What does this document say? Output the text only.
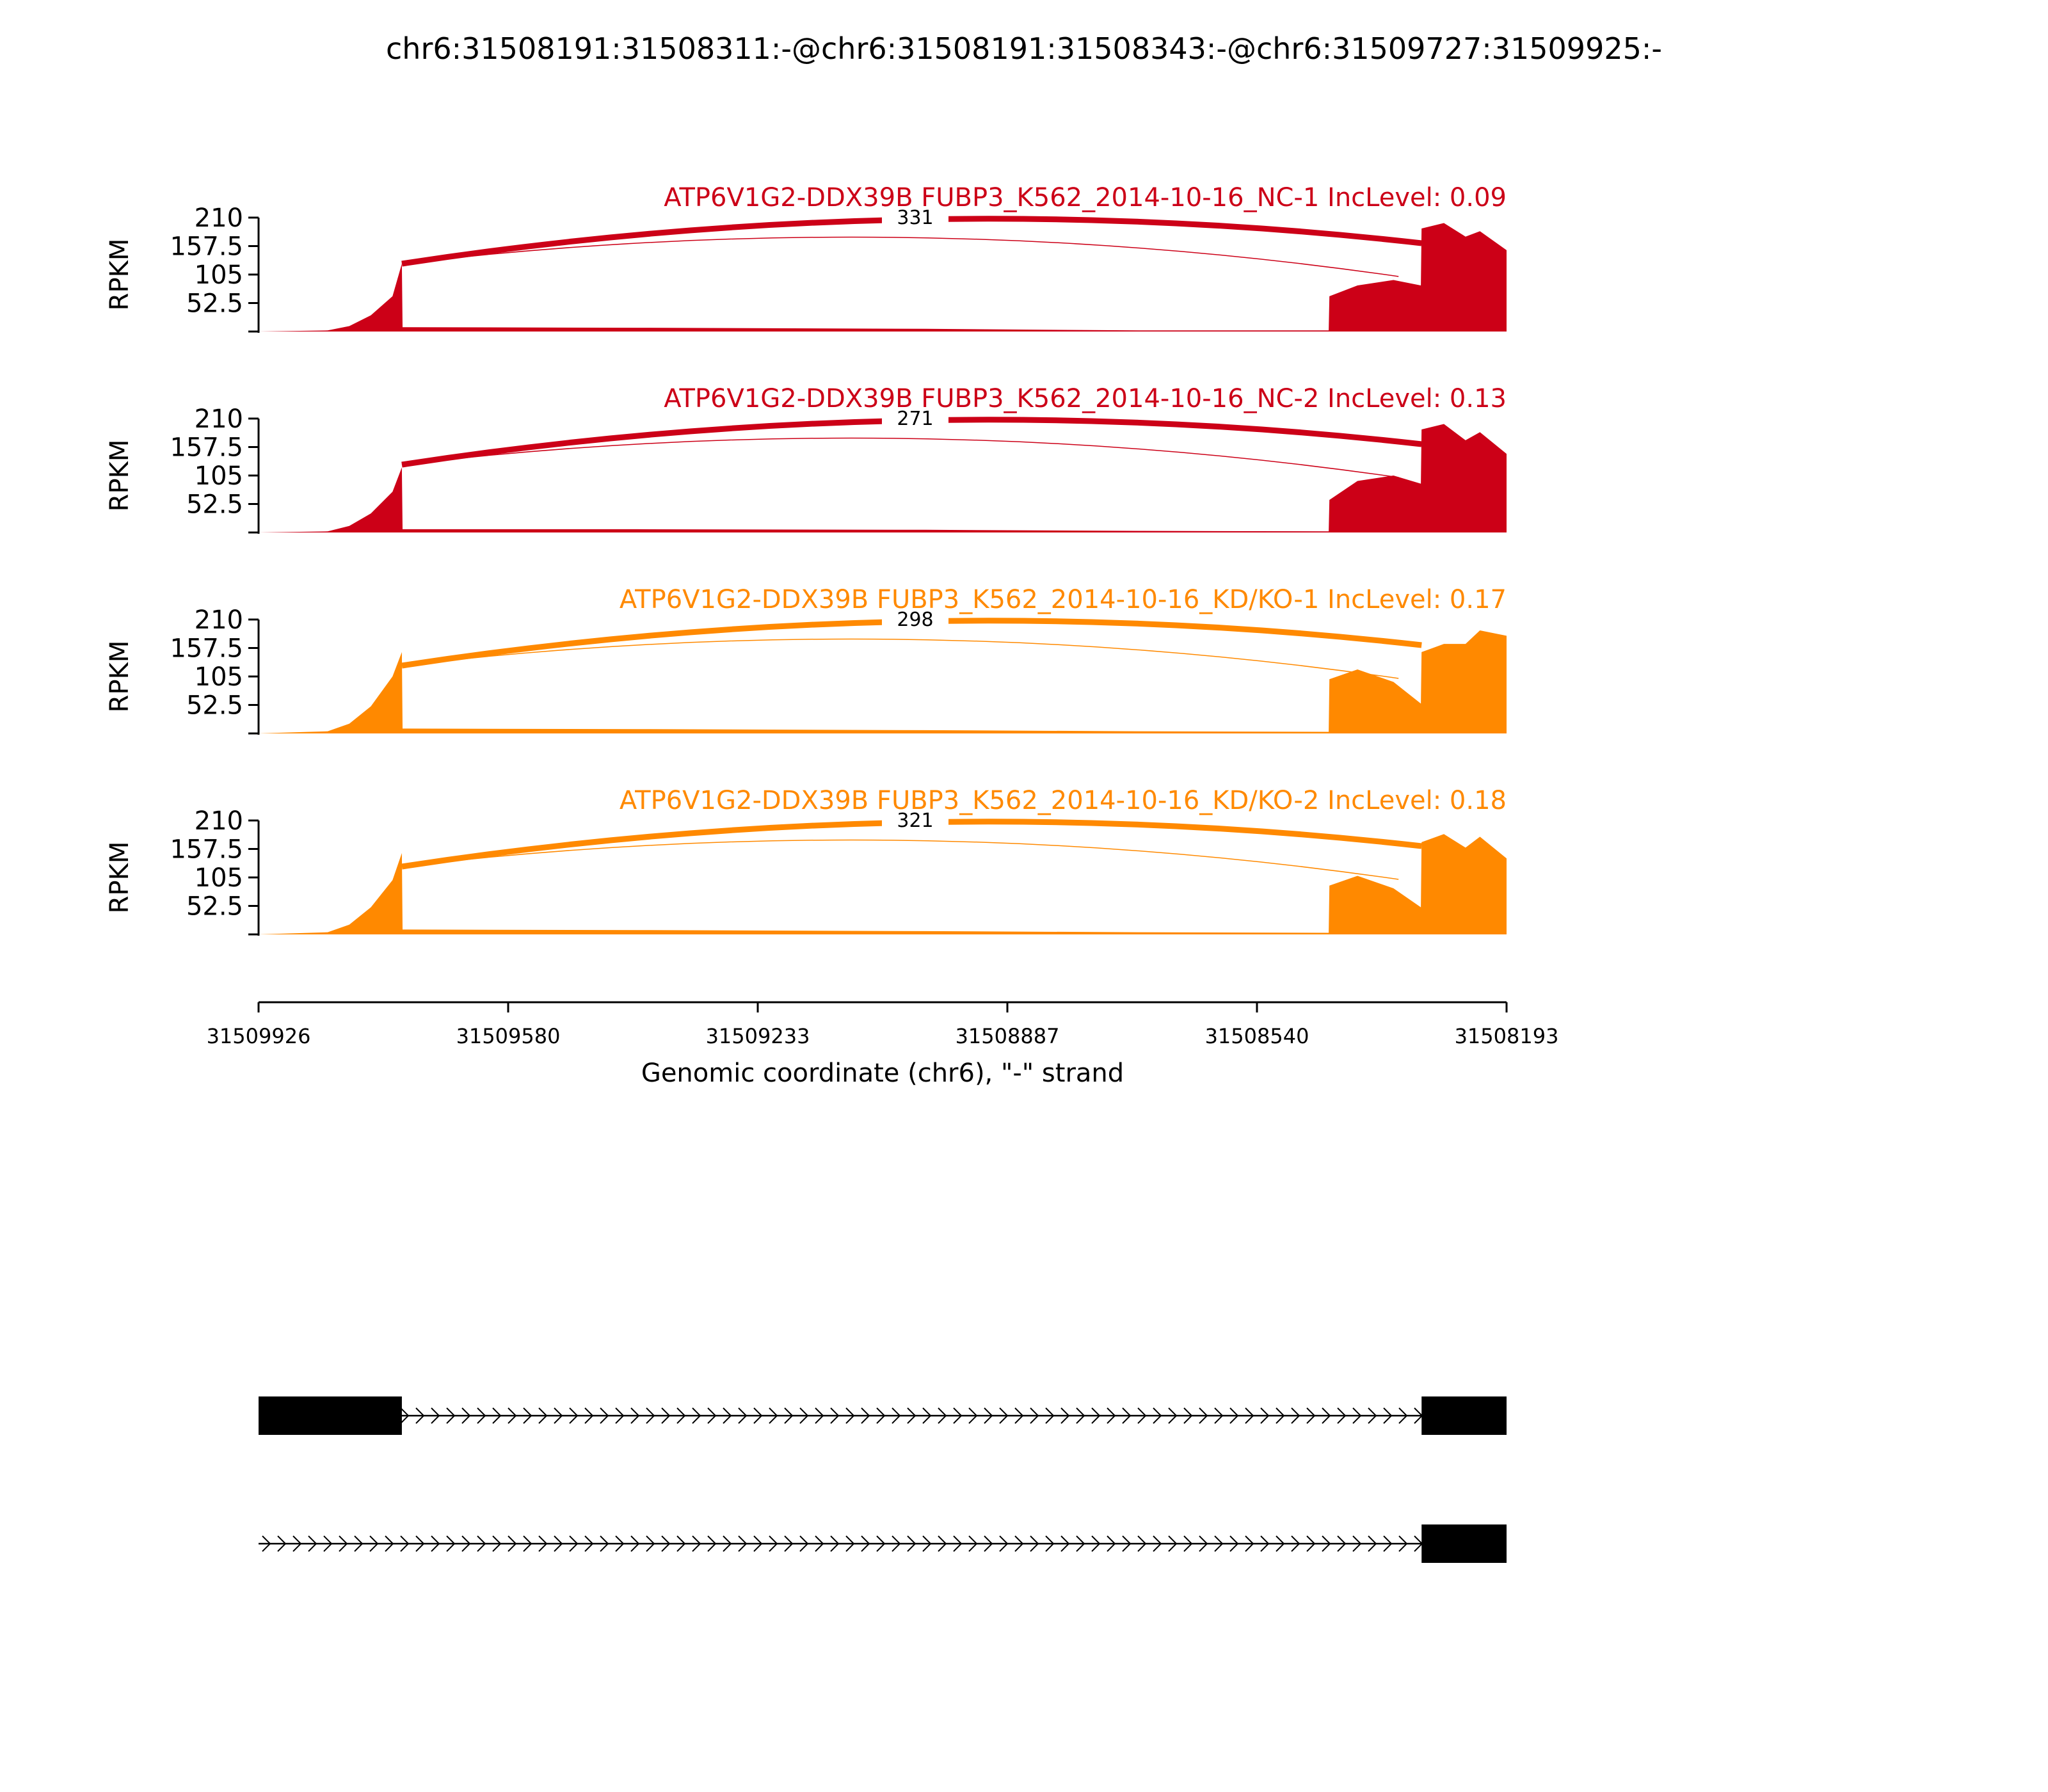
chr6:31508191:31508311:-@chr6:31508191:31508343:-@chr6:31509727:31509925:-
331
ATP6V1G2-DDX39B FUBP3_K562_2014-10-16_NC-1 IncLevel: 0.09
52.5
105
157.5
210
RPKM
271
ATP6V1G2-DDX39B FUBP3_K562_2014-10-16_NC-2 IncLevel: 0.13
52.5
105
157.5
210
RPKM
298
ATP6V1G2-DDX39B FUBP3_K562_2014-10-16_KD/KO-1 IncLevel: 0.17
52.5
105
157.5
210
RPKM
321
ATP6V1G2-DDX39B FUBP3_K562_2014-10-16_KD/KO-2 IncLevel: 0.18
52.5
105
157.5
210
RPKM
31509926	31509580	31509233	31508887	31508540	31508193
Genomic coordinate (chr6), "-" strand
